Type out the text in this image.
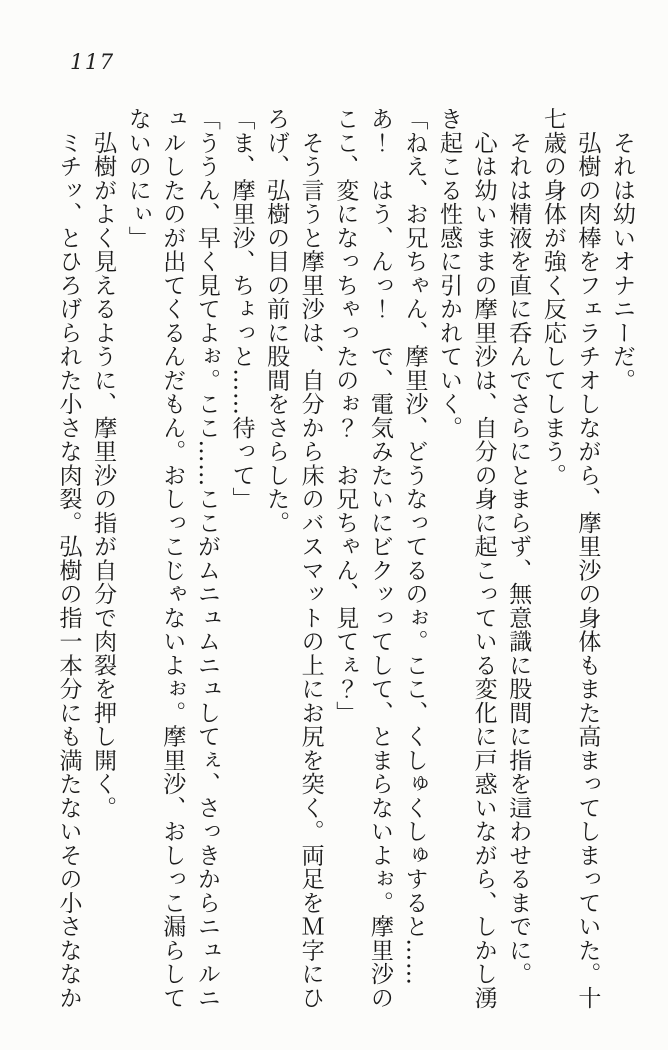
117
　それは幼いオナニーだ。
　弘樹の肉棒をフェラチオしながら、摩里沙の身体もまた高まってしまっていた。十
七歳の身体が強く反応してしまう。
　それは精液を直に呑んでさらにとまらず、無意識に股間に指を這わせるまでに。
　心は幼いままの摩里沙は、自分の身に起こっている変化に戸惑いながら、しかし湧
き起こる性感に引かれていく。
「ねえ、お兄ちゃん、摩里沙、どうなってるのぉ。ここ、くしゅくしゅすると……
あ！　はう、んっ！　で、電気みたいにビクッってして、とまらないよぉ。摩里沙の
ここ、変になっちゃったのぉ？　お兄ちゃん、見てぇ？」
　そう言うと摩里沙は、自分から床のバスマットの上にお尻を突く。両足をＭ字にひ
ろげ、弘樹の目の前に股間をさらした。
「ま、摩里沙、ちょっと……待って」
「ううん、早く見てよぉ。ここ……ここがムニュムニュしてぇ、さっきからニュルニ
ュルしたのが出てくるんだもん。おしっこじゃないよぉ。摩里沙、おしっこ漏らして
ないのにぃ」
　弘樹がよく見えるように、摩里沙の指が自分で肉裂を押し開く。
　ミチッ、とひろげられた小さな肉裂。弘樹の指一本分にも満たないその小さななか
